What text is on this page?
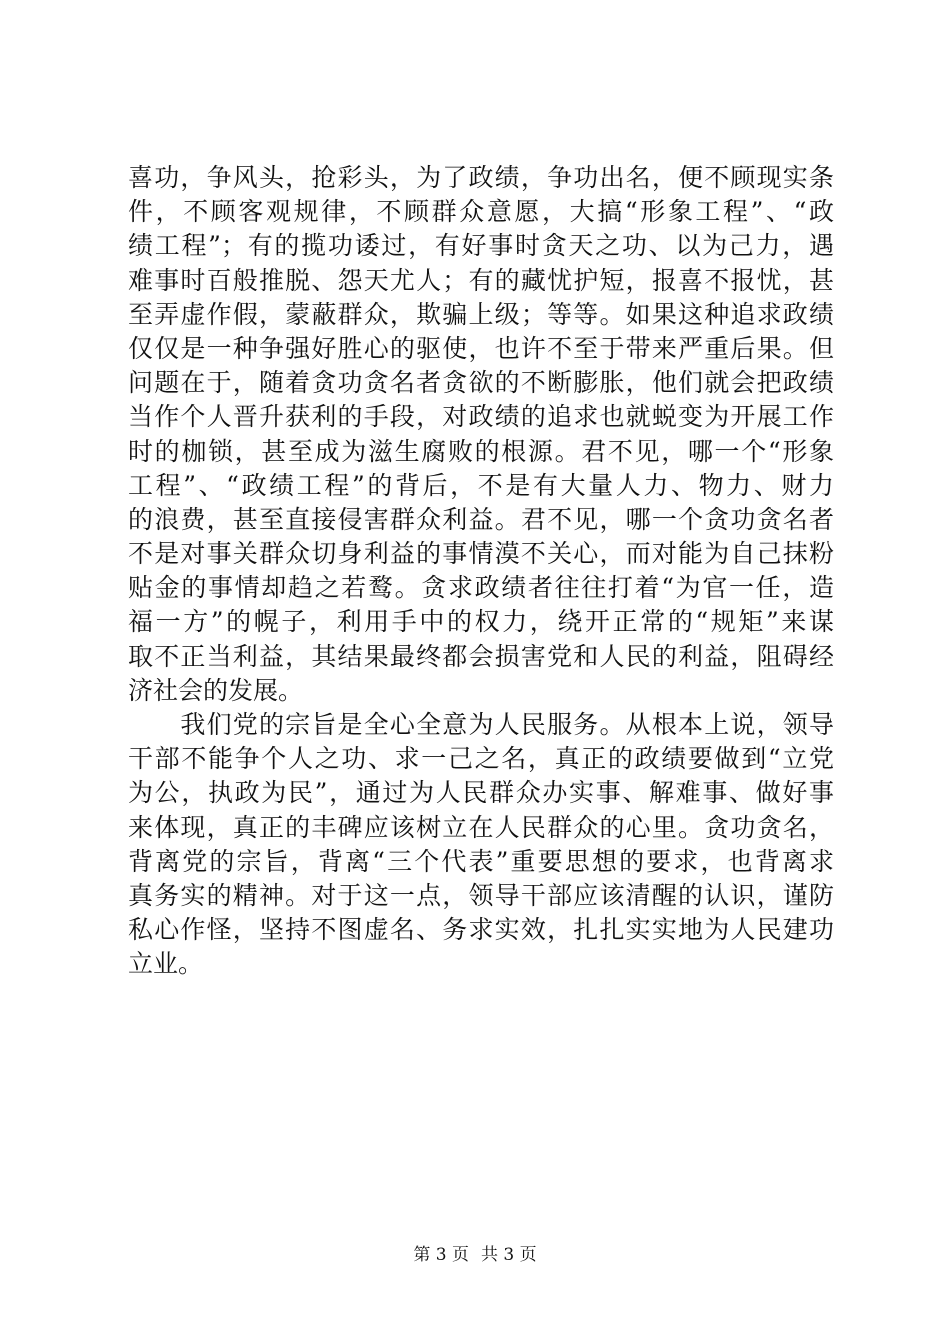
喜功，争风头，抢彩头，为了政绩，争功出名，便不顾现实条
件，不顾客观规律，不顾群众意愿，大搞“形象工程”、“政
绩工程”；有的揽功诿过，有好事时贪天之功、以为己力，遇
难事时百般推脱、怨天尤人；有的藏忧护短，报喜不报忧，甚
至弄虚作假，蒙蔽群众，欺骗上级；等等。如果这种追求政绩
仅仅是一种争强好胜心的驱使，也许不至于带来严重后果。但
问题在于，随着贪功贪名者贪欲的不断膨胀，他们就会把政绩
当作个人晋升获利的手段，对政绩的追求也就蜕变为开展工作
时的枷锁，甚至成为滋生腐败的根源。君不见，哪一个“形象
工程”、“政绩工程”的背后，不是有大量人力、物力、财力
的浪费，甚至直接侵害群众利益。君不见，哪一个贪功贪名者
不是对事关群众切身利益的事情漠不关心，而对能为自己抹粉
贴金的事情却趋之若鹜。贪求政绩者往往打着“为官一任，造
福一方”的幌子，利用手中的权力，绕开正常的“规矩”来谋
取不正当利益，其结果最终都会损害党和人民的利益，阻碍经
济社会的发展。
　　我们党的宗旨是全心全意为人民服务。从根本上说，领导
干部不能争个人之功、求一己之名，真正的政绩要做到“立党
为公，执政为民”，通过为人民群众办实事、解难事、做好事
来体现，真正的丰碑应该树立在人民群众的心里。贪功贪名，
背离党的宗旨，背离“三个代表”重要思想的要求，也背离求
真务实的精神。对于这一点，领导干部应该清醒的认识，谨防
私心作怪，坚持不图虚名、务求实效，扎扎实实地为人民建功
立业。
第 3 页 共 3 页
